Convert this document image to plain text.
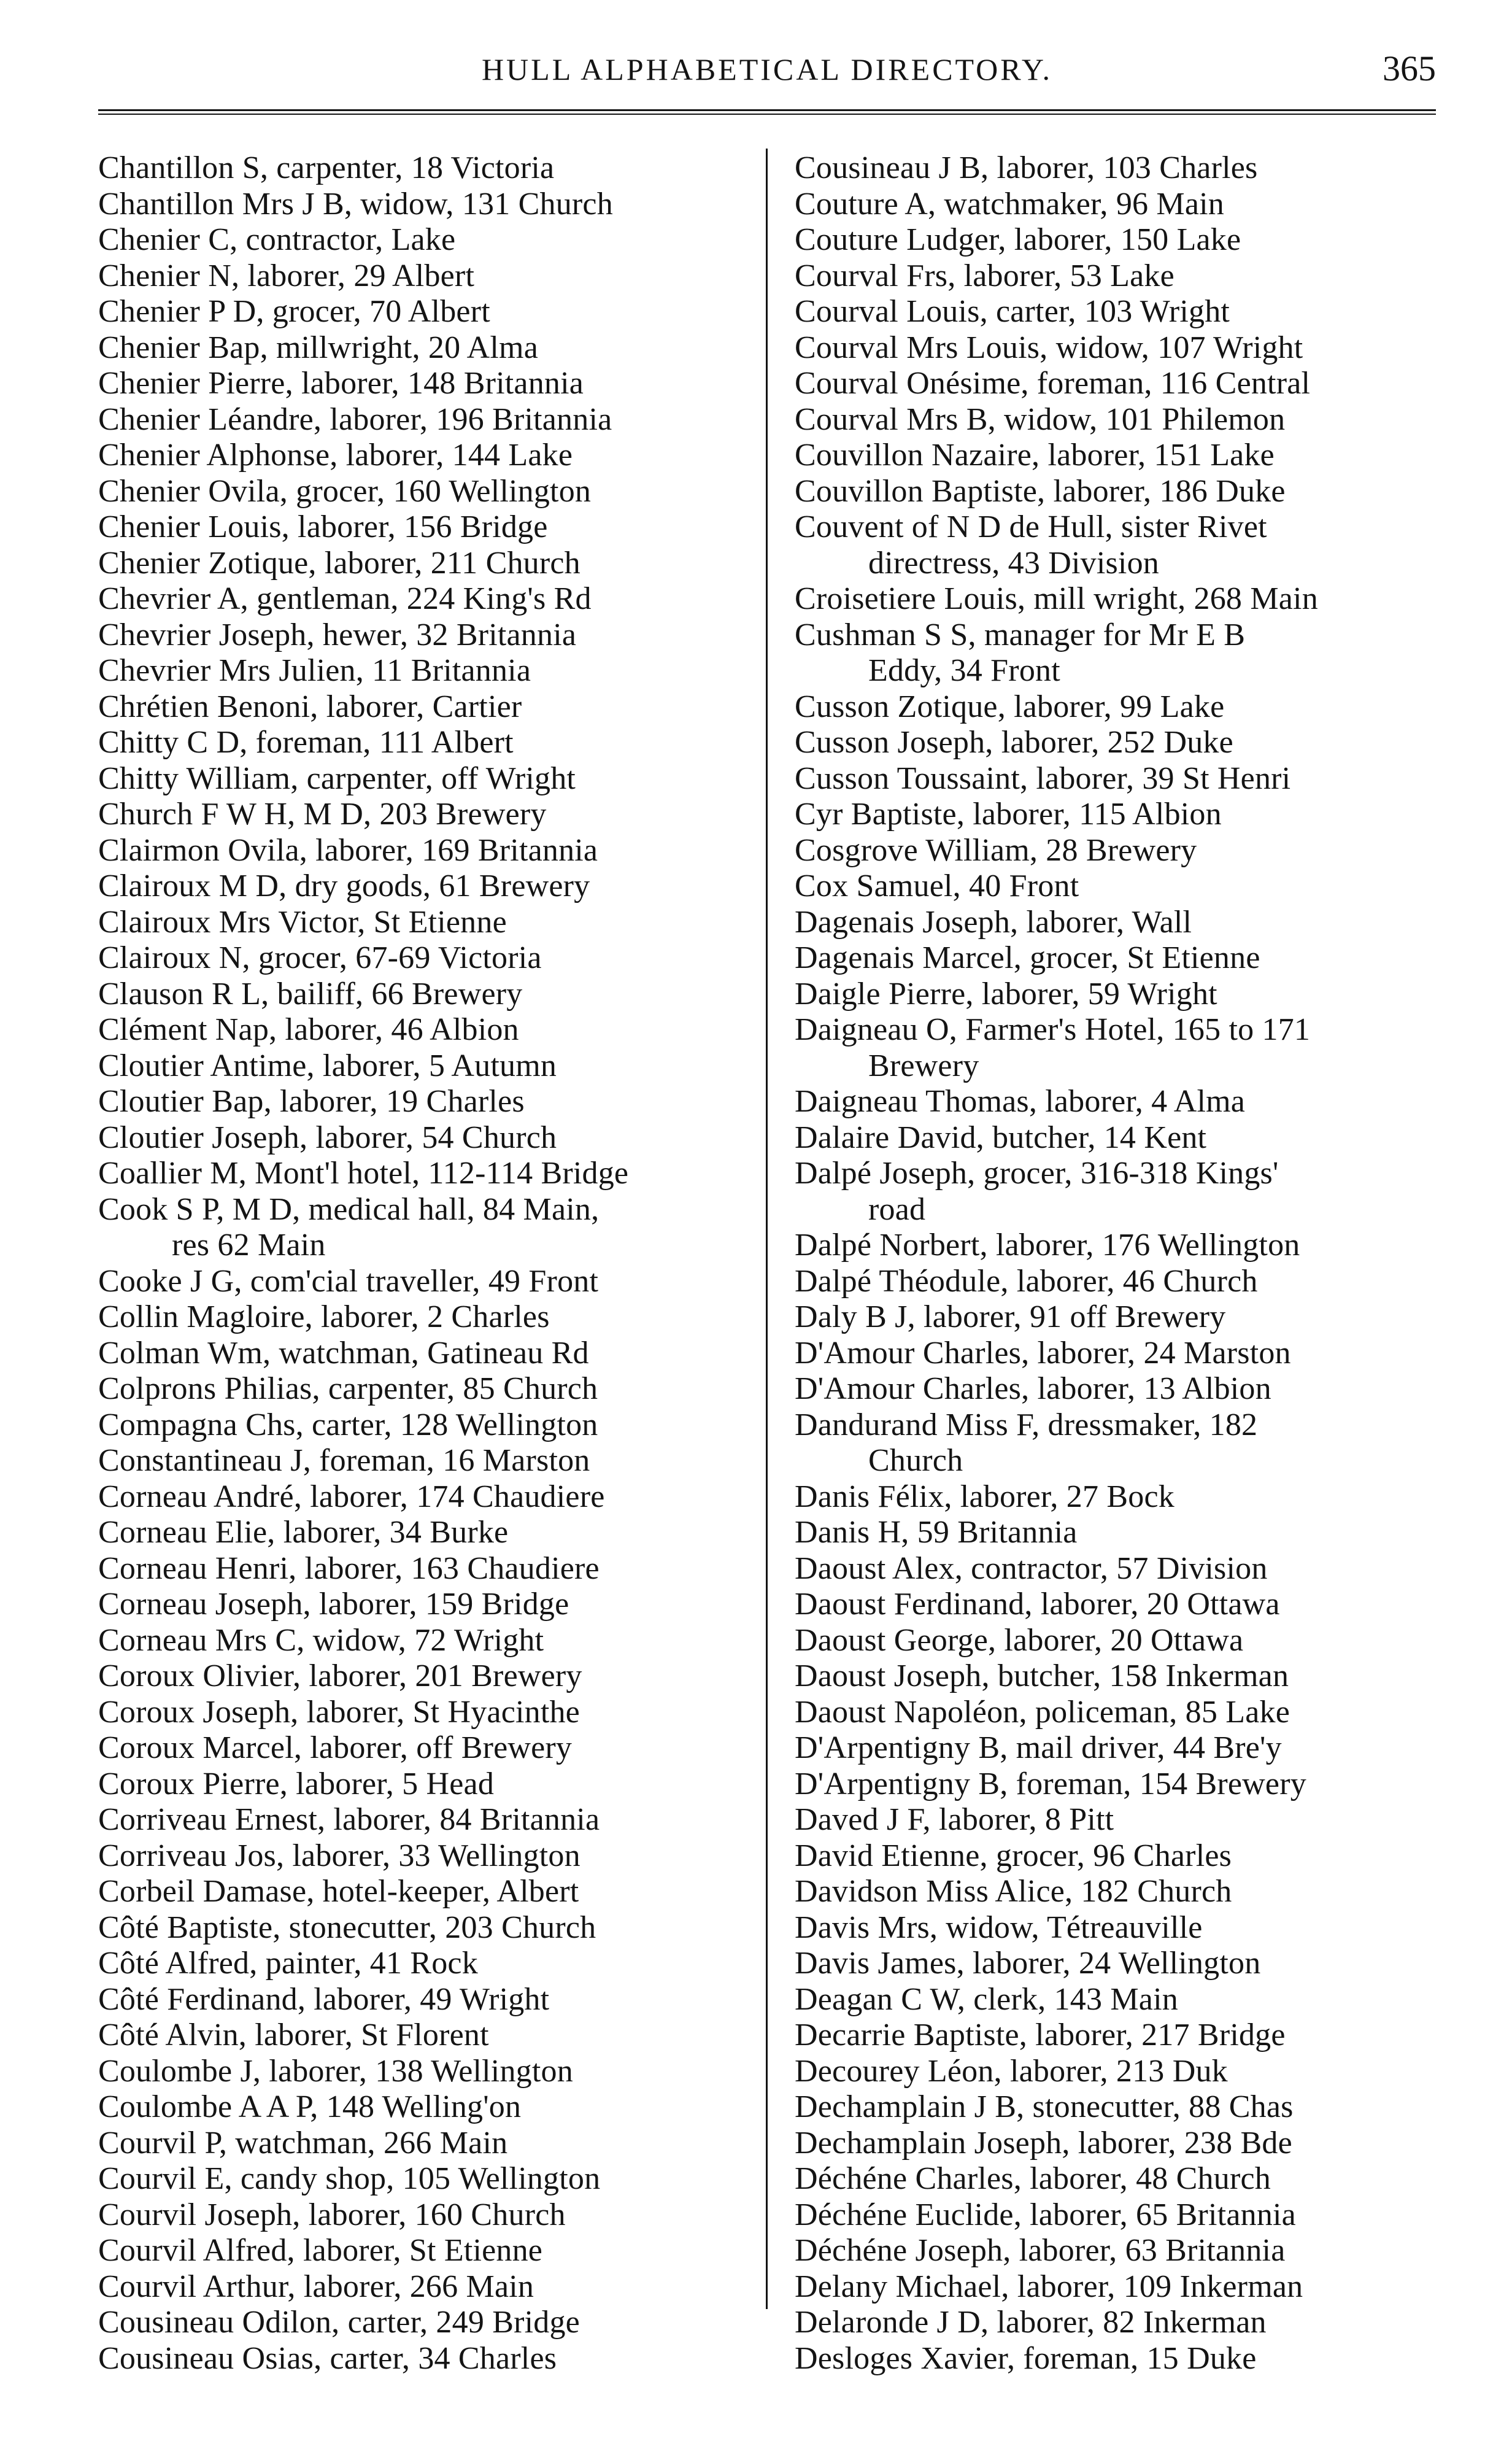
HULL ALPHABETICAL DIRECTORY.	365
Chantillon S, carpenter, 18 Victoria
Chantillon Mrs J B, widow, 131 Church
Chenier C, contractor, Lake
Chenier N, laborer, 29 Albert
Chenier P D, grocer, 70 Albert
Chenier Bap, millwright, 20 Alma
Chenier Pierre, laborer, 148 Britannia
Chenier Léandre, laborer, 196 Britannia
Chenier Alphonse, laborer, 144 Lake
Chenier Ovila, grocer, 160 Wellington
Chenier Louis, laborer, 156 Bridge
Chenier Zotique, laborer, 211 Church
Chevrier A, gentleman, 224 King's Rd
Chevrier Joseph, hewer, 32 Britannia
Chevrier Mrs Julien, 11 Britannia
Chrétien Benoni, laborer, Cartier
Chitty C D, foreman, 111 Albert
Chitty William, carpenter, off Wright
Church F W H, M D, 203 Brewery
Clairmon Ovila, laborer, 169 Britannia
Clairoux M D, dry goods, 61 Brewery
Clairoux Mrs Victor, St Etienne
Clairoux N, grocer, 67-69 Victoria
Clauson R L, bailiff, 66 Brewery
Clément Nap, laborer, 46 Albion
Cloutier Antime, laborer, 5 Autumn
Cloutier Bap, laborer, 19 Charles
Cloutier Joseph, laborer, 54 Church
Coallier M, Mont'l hotel, 112-114 Bridge
Cook S P, M D, medical hall, 84 Main,
res 62 Main
Cooke J G, com'cial traveller, 49 Front
Collin Magloire, laborer, 2 Charles
Colman Wm, watchman, Gatineau Rd
Colprons Philias, carpenter, 85 Church
Compagna Chs, carter, 128 Wellington
Constantineau J, foreman, 16 Marston
Corneau André, laborer, 174 Chaudiere
Corneau Elie, laborer, 34 Burke
Corneau Henri, laborer, 163 Chaudiere
Corneau Joseph, laborer, 159 Bridge
Corneau Mrs C, widow, 72 Wright
Coroux Olivier, laborer, 201 Brewery
Coroux Joseph, laborer, St Hyacinthe
Coroux Marcel, laborer, off Brewery
Coroux Pierre, laborer, 5 Head
Corriveau Ernest, laborer, 84 Britannia
Corriveau Jos, laborer, 33 Wellington
Corbeil Damase, hotel-keeper, Albert
Côté Baptiste, stonecutter, 203 Church
Côté Alfred, painter, 41 Rock
Côté Ferdinand, laborer, 49 Wright
Côté Alvin, laborer, St Florent
Coulombe J, laborer, 138 Wellington
Coulombe A A P, 148 Welling'on
Courvil P, watchman, 266 Main
Courvil E, candy shop, 105 Wellington
Courvil Joseph, laborer, 160 Church
Courvil Alfred, laborer, St Etienne
Courvil Arthur, laborer, 266 Main
Cousineau Odilon, carter, 249 Bridge
Cousineau Osias, carter, 34 Charles
Cousineau J B, laborer, 103 Charles
Couture A, watchmaker, 96 Main
Couture Ludger, laborer, 150 Lake
Courval Frs, laborer, 53 Lake
Courval Louis, carter, 103 Wright
Courval Mrs Louis, widow, 107 Wright
Courval Onésime, foreman, 116 Central
Courval Mrs B, widow, 101 Philemon
Couvillon Nazaire, laborer, 151 Lake
Couvillon Baptiste, laborer, 186 Duke
Couvent of N D de Hull, sister Rivet
directress, 43 Division
Croisetiere Louis, mill wright, 268 Main
Cushman S S, manager for Mr E B
Eddy, 34 Front
Cusson Zotique, laborer, 99 Lake
Cusson Joseph, laborer, 252 Duke
Cusson Toussaint, laborer, 39 St Henri
Cyr Baptiste, laborer, 115 Albion
Cosgrove William, 28 Brewery
Cox Samuel, 40 Front
Dagenais Joseph, laborer, Wall
Dagenais Marcel, grocer, St Etienne
Daigle Pierre, laborer, 59 Wright
Daigneau O, Farmer's Hotel, 165 to 171
Brewery
Daigneau Thomas, laborer, 4 Alma
Dalaire David, butcher, 14 Kent
Dalpé Joseph, grocer, 316-318 Kings'
road
Dalpé Norbert, laborer, 176 Wellington
Dalpé Théodule, laborer, 46 Church
Daly B J, laborer, 91 off Brewery
D'Amour Charles, laborer, 24 Marston
D'Amour Charles, laborer, 13 Albion
Dandurand Miss F, dressmaker, 182
Church
Danis Félix, laborer, 27 Bock
Danis H, 59 Britannia
Daoust Alex, contractor, 57 Division
Daoust Ferdinand, laborer, 20 Ottawa
Daoust George, laborer, 20 Ottawa
Daoust Joseph, butcher, 158 Inkerman
Daoust Napoléon, policeman, 85 Lake
D'Arpentigny B, mail driver, 44 Bre'y
D'Arpentigny B, foreman, 154 Brewery
Daved J F, laborer, 8 Pitt
David Etienne, grocer, 96 Charles
Davidson Miss Alice, 182 Church
Davis Mrs, widow, Tétreauville
Davis James, laborer, 24 Wellington
Deagan C W, clerk, 143 Main
Decarrie Baptiste, laborer, 217 Bridge
Decourey Léon, laborer, 213 Duk
Dechamplain J B, stonecutter, 88 Chas
Dechamplain Joseph, laborer, 238 Bde
Déchéne Charles, laborer, 48 Church
Déchéne Euclide, laborer, 65 Britannia
Déchéne Joseph, laborer, 63 Britannia
Delany Michael, laborer, 109 Inkerman
Delaronde J D, laborer, 82 Inkerman
Desloges Xavier, foreman, 15 Duke
